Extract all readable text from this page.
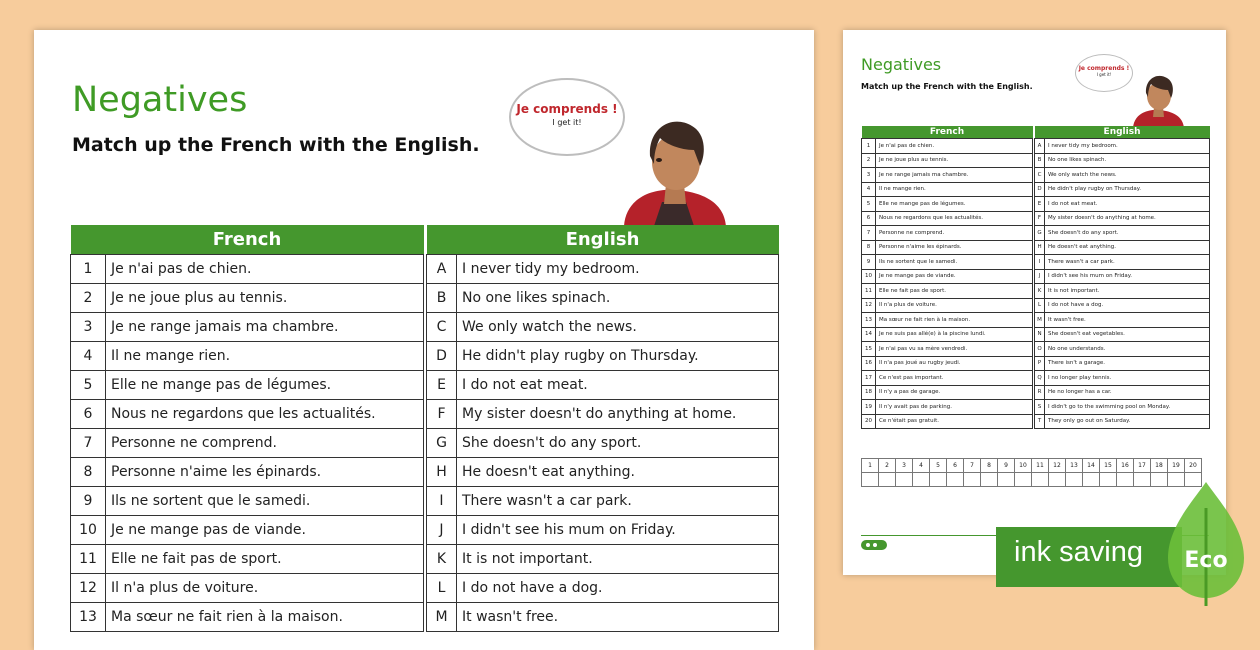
Negatives
Match up the French with the English.
Je comprends !
I get it!
French			English	
1	Je n'ai pas de chien.		A	I never tidy my bedroom.
2	Je ne joue plus au tennis.		B	No one likes spinach.
3	Je ne range jamais ma chambre.		C	We only watch the news.
4	Il ne mange rien.		D	He didn't play rugby on Thursday.
5	Elle ne mange pas de légumes.		E	I do not eat meat.
6	Nous ne regardons que les actualités.		F	My sister doesn't do anything at home.
7	Personne ne comprend.		G	She doesn't do any sport.
8	Personne n'aime les épinards.		H	He doesn't eat anything.
9	Ils ne sortent que le samedi.		I	There wasn't a car park.
10	Je ne mange pas de viande.		J	I didn't see his mum on Friday.
11	Elle ne fait pas de sport.		K	It is not important.
12	Il n'a plus de voiture.		L	I do not have a dog.
13	Ma sœur ne fait rien à la maison.		M	It wasn't free.
Negatives
Match up the French with the English.
Je comprends !
I get it!
French			English	
1	Je n'ai pas de chien.		A	I never tidy my bedroom.
2	Je ne joue plus au tennis.		B	No one likes spinach.
3	Je ne range jamais ma chambre.		C	We only watch the news.
4	Il ne mange rien.		D	He didn't play rugby on Thursday.
5	Elle ne mange pas de légumes.		E	I do not eat meat.
6	Nous ne regardons que les actualités.		F	My sister doesn't do anything at home.
7	Personne ne comprend.		G	She doesn't do any sport.
8	Personne n'aime les épinards.		H	He doesn't eat anything.
9	Ils ne sortent que le samedi.		I	There wasn't a car park.
10	Je ne mange pas de viande.		J	I didn't see his mum on Friday.
11	Elle ne fait pas de sport.		K	It is not important.
12	Il n'a plus de voiture.		L	I do not have a dog.
13	Ma sœur ne fait rien à la maison.		M	It wasn't free.
14	Je ne suis pas allé(e) à la piscine lundi.		N	She doesn't eat vegetables.
15	Je n'ai pas vu sa mère vendredi.		O	No one understands.
16	Il n'a pas joué au rugby jeudi.		P	There isn't a garage.
17	Ce n'est pas important.		Q	I no longer play tennis.
18	Il n'y a pas de garage.		R	He no longer has a car.
19	Il n'y avait pas de parking.		S	I didn't go to the swimming pool on Monday.
20	Ce n'était pas gratuit.		T	They only go out on Saturday.
1	2	3	4	5	6	7	8	9	10	11	12	13	14	15	16	17	18	19	20

ink saving Eco
